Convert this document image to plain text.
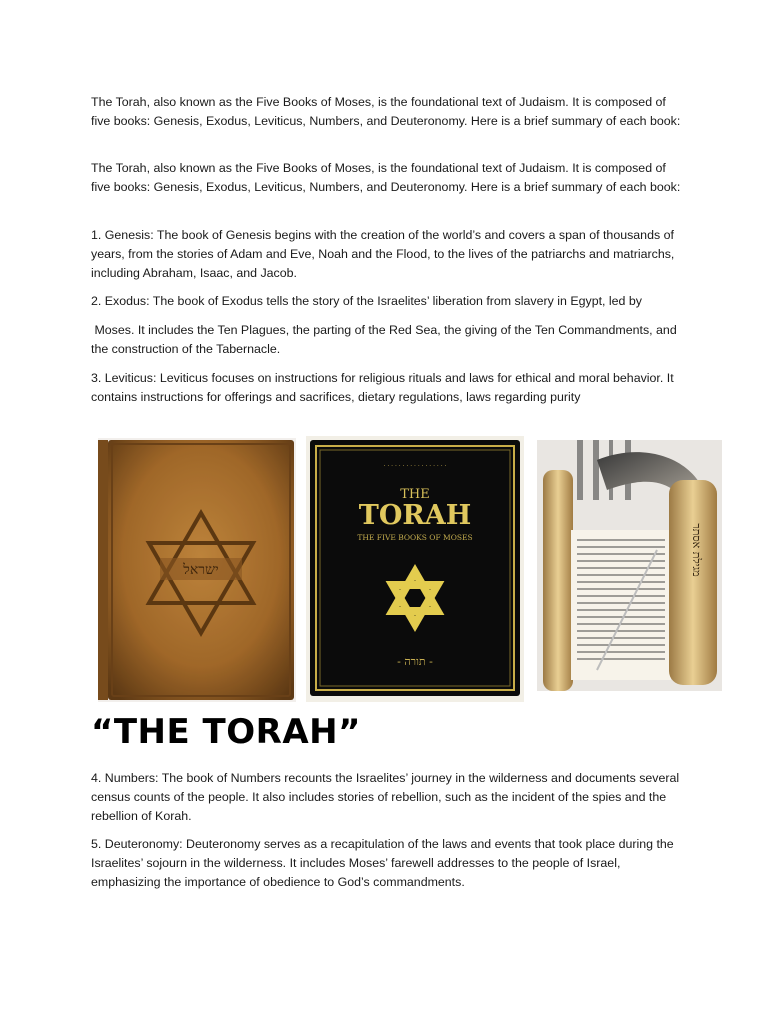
The Torah, also known as the Five Books of Moses, is the foundational text of Judaism. It is composed of five books: Genesis, Exodus, Leviticus, Numbers, and Deuteronomy. Here is a brief summary of each book:

The Torah, also known as the Five Books of Moses, is the foundational text of Judaism. It is composed of five books: Genesis, Exodus, Leviticus, Numbers, and Deuteronomy. Here is a brief summary of each book:

1. Genesis: The book of Genesis begins with the creation of the world’s and covers a span of thousands of years, from the stories of Adam and Eve, Noah and the Flood, to the lives of the patriarchs and matriarchs, including Abraham, Isaac, and Jacob.

2. Exodus: The book of Exodus tells the story of the Israelites’ liberation from slavery in Egypt, led by

Moses. It includes the Ten Plagues, the parting of the Red Sea, the giving of the Ten Commandments, and the construction of the Tabernacle.

3. Leviticus: Leviticus focuses on instructions for religious rituals and laws for ethical and moral behavior. It contains instructions for offerings and sacrifices, dietary regulations, laws regarding purity

ישראל
· · · · · · · · · · · · · · · · ·
THE
TORAH
THE FIVE BOOKS OF MOSES
- תורה -
מגילת אסתר
“THE TORAH”

4. Numbers: The book of Numbers recounts the Israelites’ journey in the wilderness and documents several census counts of the people. It also includes stories of rebellion, such as the incident of the spies and the rebellion of Korah.

5. Deuteronomy: Deuteronomy serves as a recapitulation of the laws and events that took place during the Israelites’ sojourn in the wilderness. It includes Moses’ farewell addresses to the people of Israel, emphasizing the importance of obedience to God’s commandments.
